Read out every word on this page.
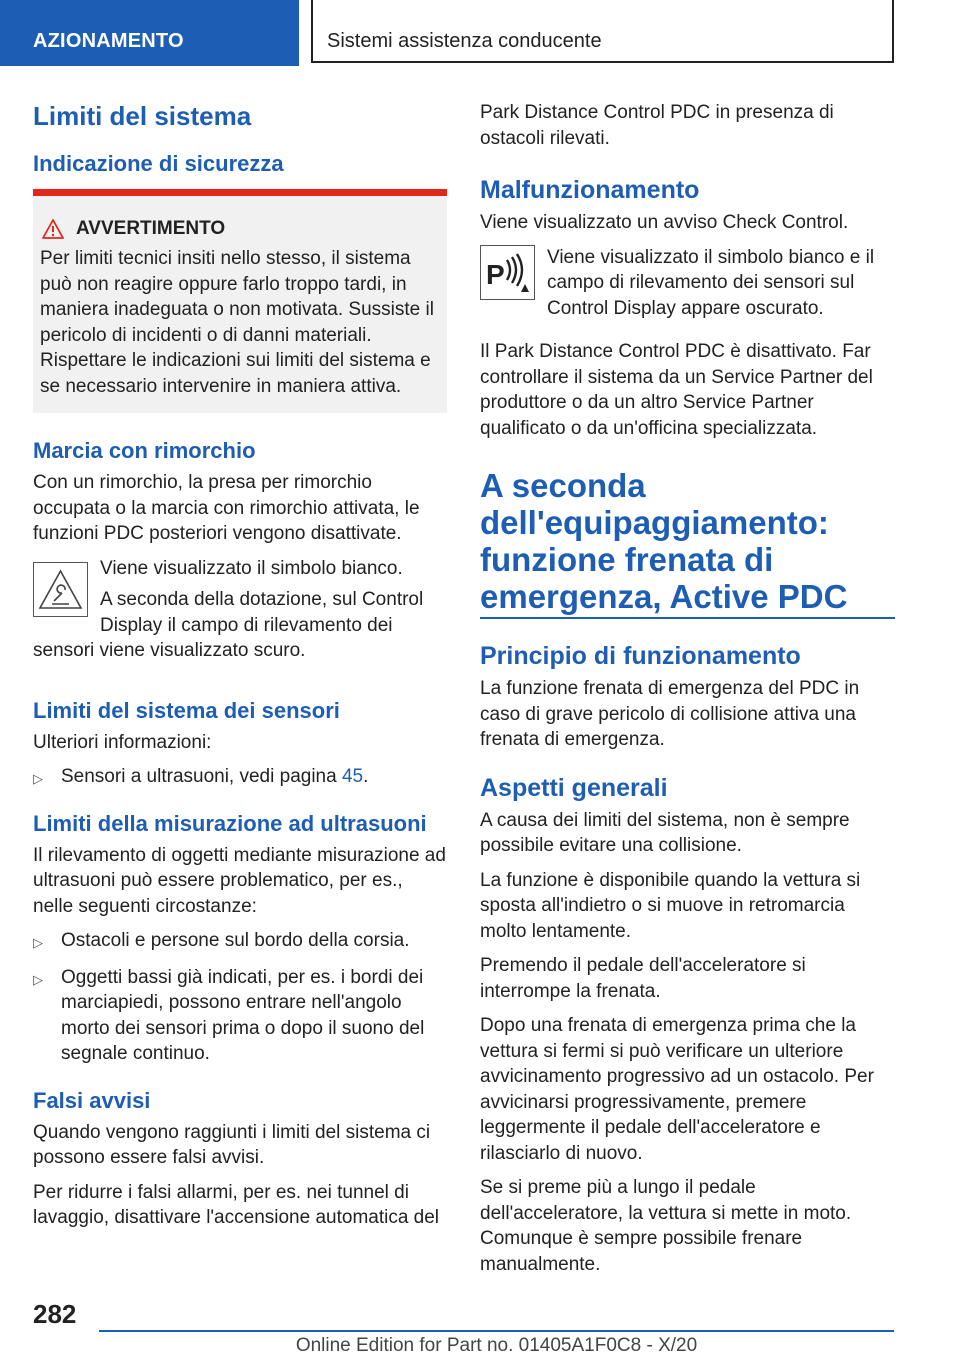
AZIONAMENTO	Sistemi assistenza conducente
Limiti del sistema
Indicazione di sicurezza
AVVERTIMENTO

Per limiti tecnici insiti nello stesso, il sistema può non reagire oppure farlo troppo tardi, in maniera inadeguata o non motivata. Sussiste il pericolo di incidenti o di danni materiali. Rispettare le indicazioni sui limiti del sistema e se necessario intervenire in maniera attiva.

Marcia con rimorchio

Con un rimorchio, la presa per rimorchio occupata o la marcia con rimorchio attivata, le funzioni PDC posteriori vengono disattivate.

Viene visualizzato il simbolo bianco.

A seconda della dotazione, sul Control Display il campo di rilevamento dei sensori viene visualizzato scuro.

Limiti del sistema dei sensori

Ulteriori informazioni:

▷ Sensori a ultrasuoni, vedi pagina 45.
Limiti della misurazione ad ultrasuoni

Il rilevamento di oggetti mediante misurazione ad ultrasuoni può essere problematico, per es., nelle seguenti circostanze:

▷ Ostacoli e persone sul bordo della corsia.
▷ Oggetti bassi già indicati, per es. i bordi dei marciapiedi, possono entrare nell'angolo morto dei sensori prima o dopo il suono del segnale continuo.
Falsi avvisi

Quando vengono raggiunti i limiti del sistema ci possono essere falsi avvisi.

Per ridurre i falsi allarmi, per es. nei tunnel di lavaggio, disattivare l'accensione automatica del

Park Distance Control PDC in presenza di ostacoli rilevati.

Malfunzionamento

Viene visualizzato un avviso Check Control.

P

Viene visualizzato il simbolo bianco e il campo di rilevamento dei sensori sul Control Display appare oscurato.

Il Park Distance Control PDC è disattivato. Far controllare il sistema da un Service Partner del produttore o da un altro Service Partner qualificato o da un'officina specializzata.

A seconda dell'equipaggiamento: funzione frenata di emergenza, Active PDC
Principio di funzionamento

La funzione frenata di emergenza del PDC in caso di grave pericolo di collisione attiva una frenata di emergenza.

Aspetti generali

A causa dei limiti del sistema, non è sempre possibile evitare una collisione.

La funzione è disponibile quando la vettura si sposta all'indietro o si muove in retromarcia molto lentamente.

Premendo il pedale dell'acceleratore si interrompe la frenata.

Dopo una frenata di emergenza prima che la vettura si fermi si può verificare un ulteriore avvicinamento progressivo ad un ostacolo. Per avvicinarsi progressivamente, premere leggermente il pedale dell'acceleratore e rilasciarlo di nuovo.

Se si preme più a lungo il pedale dell'acceleratore, la vettura si mette in moto. Comunque è sempre possibile frenare manualmente.

282
Online Edition for Part no. 01405A1F0C8 - X/20
